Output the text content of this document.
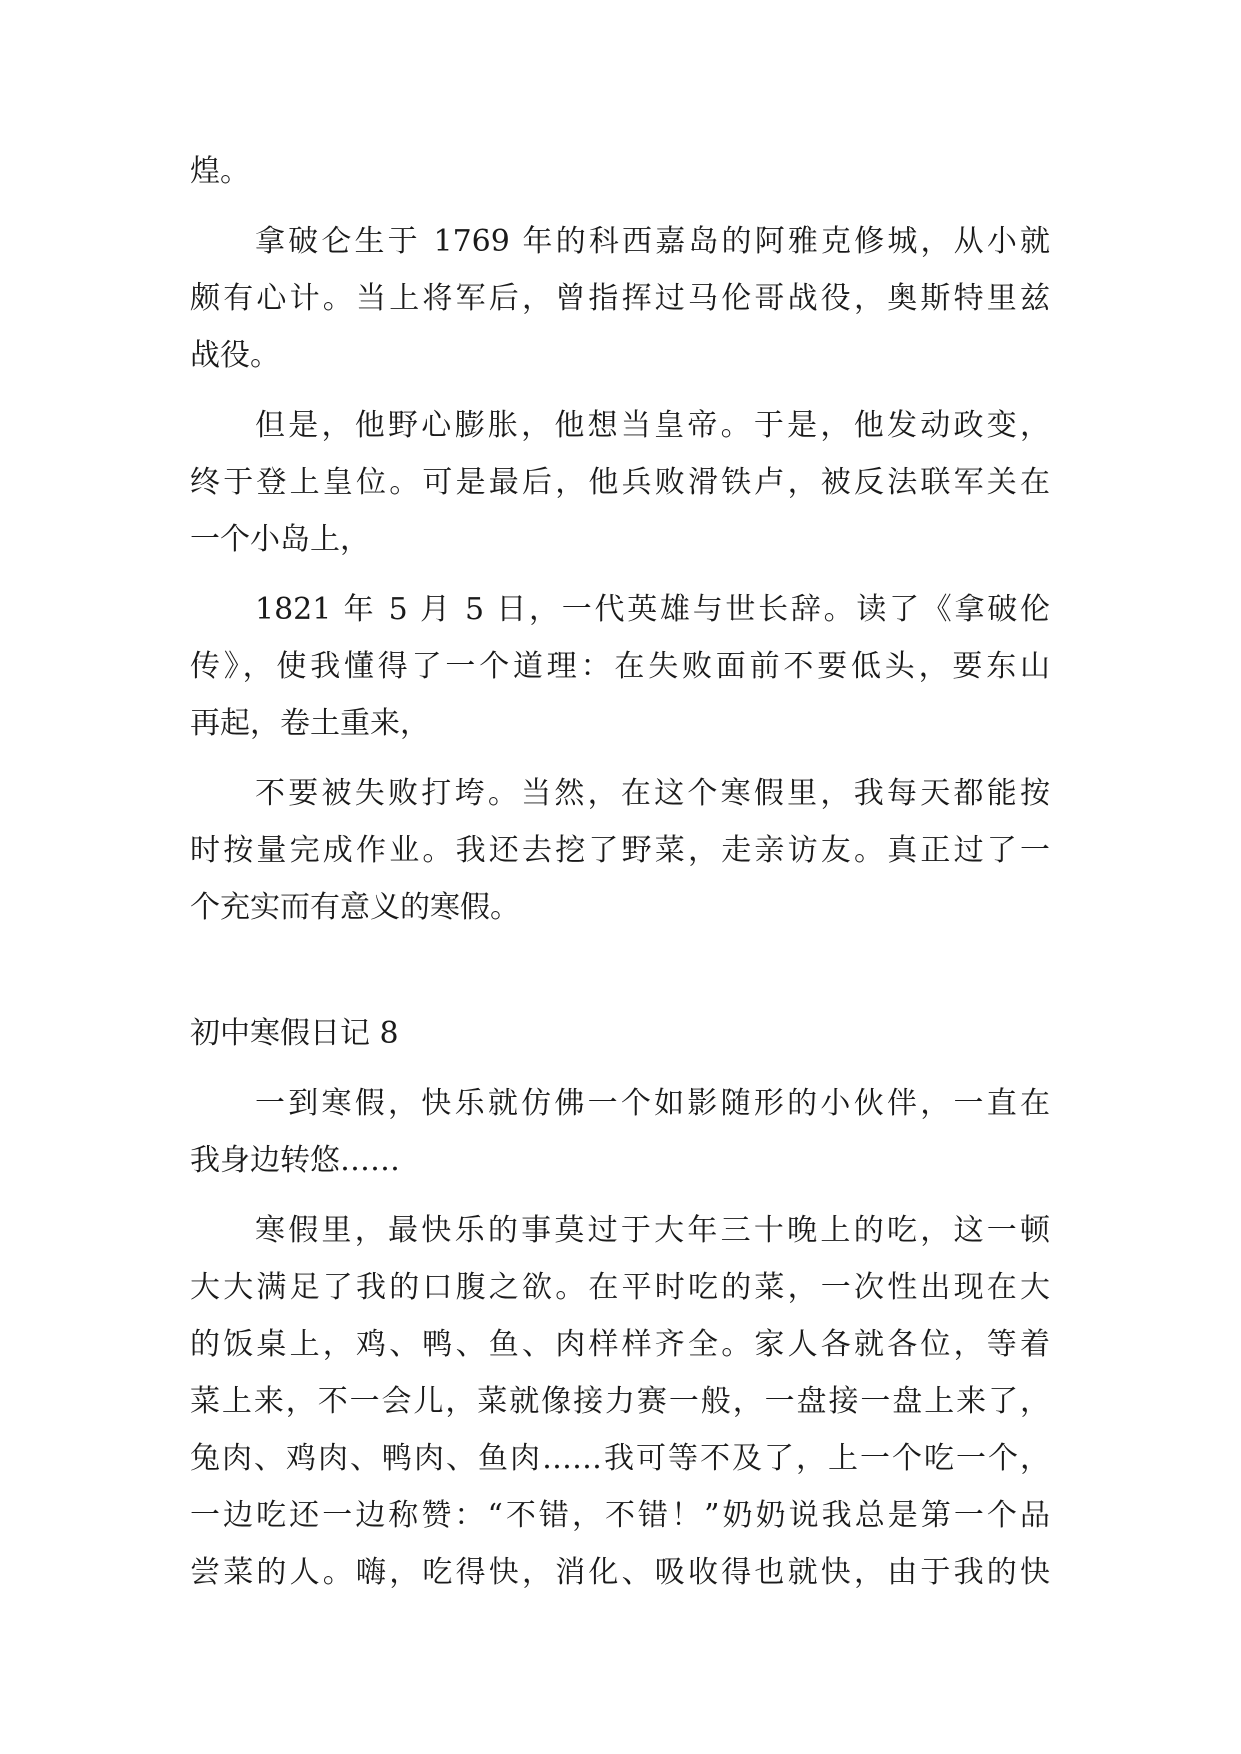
煌。
拿破仑生于 1769 年的科西嘉岛的阿雅克修城，从小就
颇有心计。当上将军后，曾指挥过马伦哥战役，奥斯特里兹
战役。
但是，他野心膨胀，他想当皇帝。于是，他发动政变，
终于登上皇位。可是最后，他兵败滑铁卢，被反法联军关在
一个小岛上，
1821 年 5 月 5 日，一代英雄与世长辞。读了《拿破伦
传》，使我懂得了一个道理：在失败面前不要低头，要东山
再起，卷土重来，
不要被失败打垮。当然，在这个寒假里，我每天都能按
时按量完成作业。我还去挖了野菜，走亲访友。真正过了一
个充实而有意义的寒假。
初中寒假日记 8
一到寒假，快乐就仿佛一个如影随形的小伙伴，一直在
我身边转悠……
寒假里，最快乐的事莫过于大年三十晚上的吃，这一顿
大大满足了我的口腹之欲。在平时吃的菜，一次性出现在大
的饭桌上，鸡、鸭、鱼、肉样样齐全。家人各就各位，等着
菜上来，不一会儿，菜就像接力赛一般，一盘接一盘上来了，
兔肉、鸡肉、鸭肉、鱼肉……我可等不及了，上一个吃一个，
一边吃还一边称赞：“不错，不错！”奶奶说我总是第一个品
尝菜的人。嗨，吃得快，消化、吸收得也就快，由于我的快
